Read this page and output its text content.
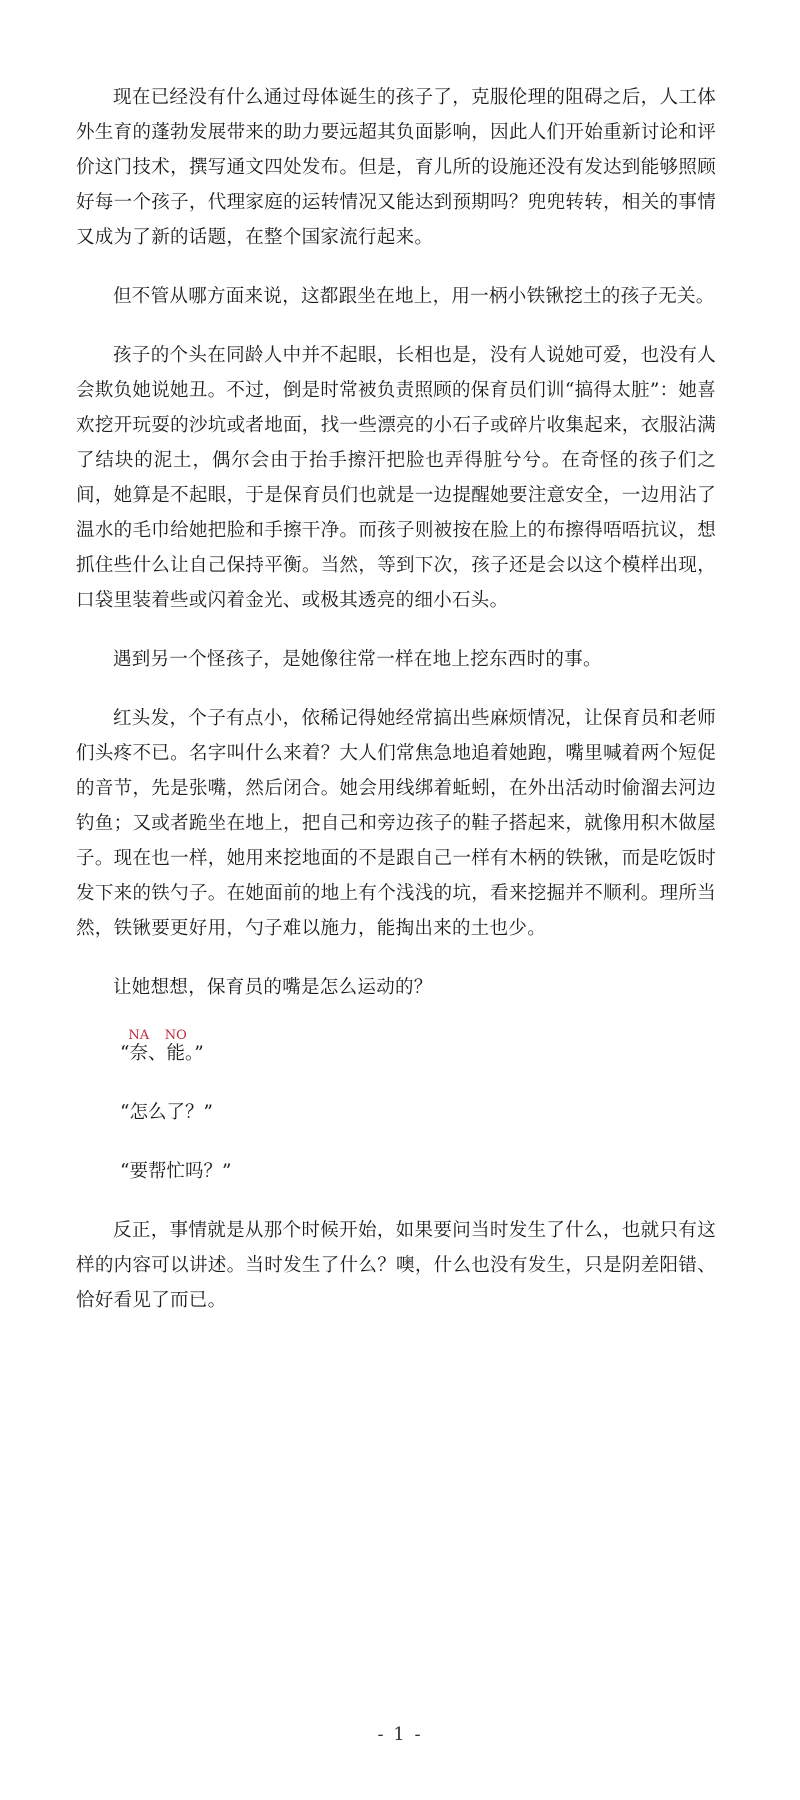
现在已经没有什么通过母体诞生的孩子了，克服伦理的阻碍之后，人工体外生育的蓬勃发展带来的助力要远超其负面影响，因此人们开始重新讨论和评价这门技术，撰写通文四处发布。但是，育儿所的设施还没有发达到能够照顾好每一个孩子，代理家庭的运转情况又能达到预期吗？兜兜转转，相关的事情又成为了新的话题，在整个国家流行起来。

但不管从哪方面来说，这都跟坐在地上，用一柄小铁锹挖土的孩子无关。

孩子的个头在同龄人中并不起眼，长相也是，没有人说她可爱，也没有人会欺负她说她丑。不过，倒是时常被负责照顾的保育员们训“搞得太脏”：她喜欢挖开玩耍的沙坑或者地面，找一些漂亮的小石子或碎片收集起来，衣服沾满了结块的泥土，偶尔会由于抬手擦汗把脸也弄得脏兮兮。在奇怪的孩子们之间，她算是不起眼，于是保育员们也就是一边提醒她要注意安全，一边用沾了温水的毛巾给她把脸和手擦干净。而孩子则被按在脸上的布擦得唔唔抗议，想抓住些什么让自己保持平衡。当然，等到下次，孩子还是会以这个模样出现，口袋里装着些或闪着金光、或极其透亮的细小石头。

遇到另一个怪孩子，是她像往常一样在地上挖东西时的事。

红头发，个子有点小，依稀记得她经常搞出些麻烦情况，让保育员和老师们头疼不已。名字叫什么来着？大人们常焦急地追着她跑，嘴里喊着两个短促的音节，先是张嘴，然后闭合。她会用线绑着蚯蚓，在外出活动时偷溜去河边钓鱼；又或者跪坐在地上，把自己和旁边孩子的鞋子搭起来，就像用积木做屋子。现在也一样，她用来挖地面的不是跟自己一样有木柄的铁锹，而是吃饭时发下来的铁勺子。在她面前的地上有个浅浅的坑，看来挖掘并不顺利。理所当然，铁锹要更好用，勺子难以施力，能掏出来的土也少。

让她想想，保育员的嘴是怎么运动的？

“奈NA、能NO。”

“怎么了？”

“要帮忙吗？”

反正，事情就是从那个时候开始，如果要问当时发生了什么，也就只有这样的内容可以讲述。当时发生了什么？噢，什么也没有发生，只是阴差阳错、恰好看见了而已。

- 1 -
